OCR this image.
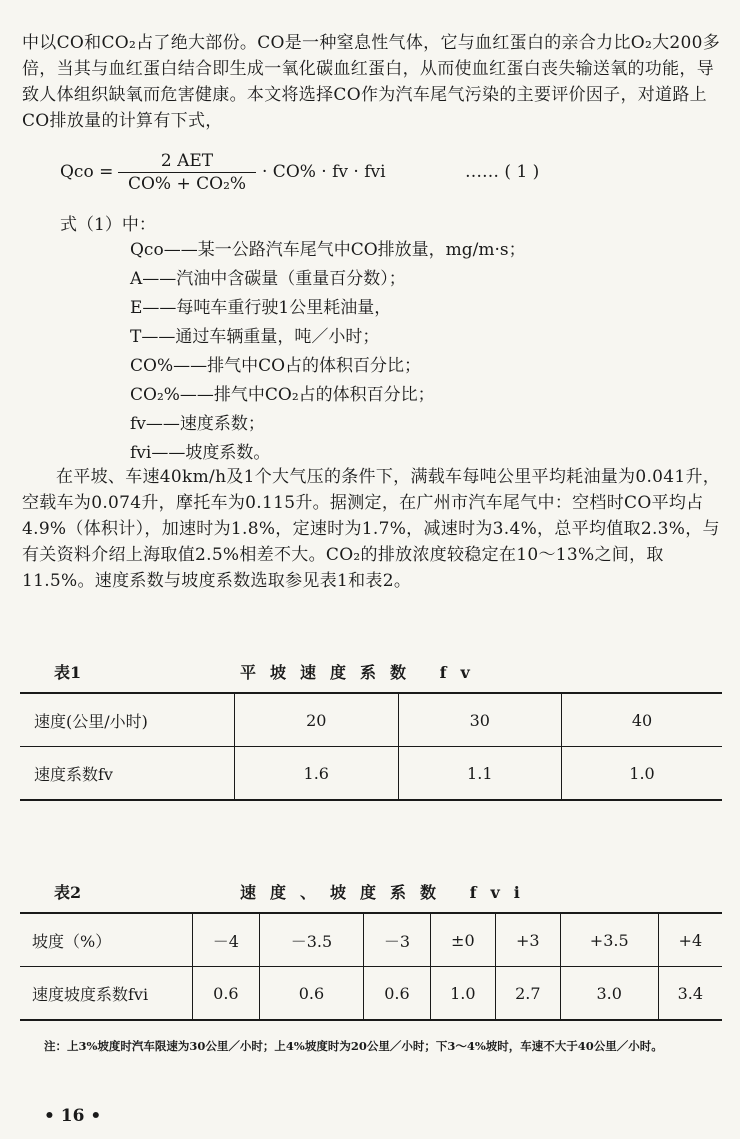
中以CO和CO₂占了绝大部份。CO是一种窒息性气体，它与血红蛋白的亲合力比O₂大200多倍，当其与血红蛋白结合即生成一氧化碳血红蛋白，从而使血红蛋白丧失输送氧的功能，导致人体组织缺氧而危害健康。本文将选择CO作为汽车尾气污染的主要评价因子，对道路上CO排放量的计算有下式，

Qco =
2 AET
CO% + CO₂%
· CO% · fv · fvi	…… ( 1 )
式（1）中：
Qco——某一公路汽车尾气中CO排放量，mg/m·s；
A——汽油中含碳量（重量百分数）；
E——每吨车重行驶1公里耗油量，
T——通过车辆重量，吨／小时；
CO%——排气中CO占的体积百分比；
CO₂%——排气中CO₂占的体积百分比；
fv——速度系数；
fvi——坡度系数。

在平坡、车速40km/h及1个大气压的条件下，满载车每吨公里平均耗油量为0.041升，空载车为0.074升，摩托车为0.115升。据测定，在广州市汽车尾气中：空档时CO平均占4.9%（体积计），加速时为1.8%，定速时为1.7%，减速时为3.4%，总平均值取2.3%，与有关资料介绍上海取值2.5%相差不大。CO₂的排放浓度较稳定在10～13%之间，取11.5%。速度系数与坡度系数选取参见表1和表2。

表1	平坡速度系数 fv
速度(公里/小时)	20	30	40
速度系数fv	1.6	1.1	1.0
表2	速度、坡度系数 fvi
坡度（%）	－4	－3.5	－3	±0	+3	+3.5	+4
速度坡度系数fvi	0.6	0.6	0.6	1.0	2.7	3.0	3.4
注：上3%坡度时汽车限速为30公里／小时；上4%坡度时为20公里／小时；下3～4%坡时，车速不大于40公里／小时。
• 16 •
